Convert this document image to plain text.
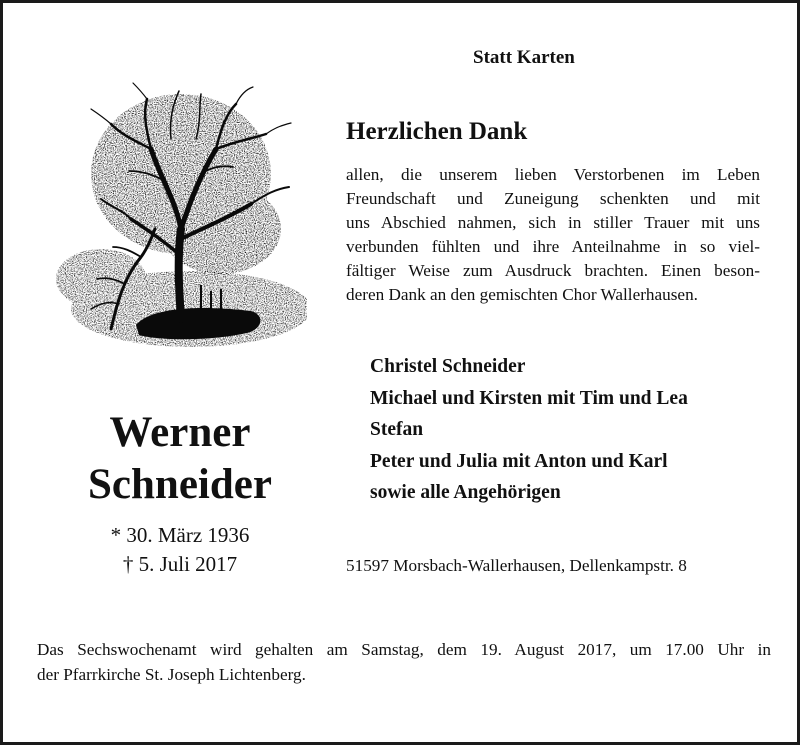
Statt Karten
Herzlichen Dank
allen, die unserem lieben Verstorbenen im Leben
Freundschaft und Zuneigung schenkten und mit
uns Abschied nahmen, sich in stiller Trauer mit uns
verbunden fühlten und ihre Anteilnahme in so viel-
fältiger Weise zum Ausdruck brachten. Einen beson-
deren Dank an den gemischten Chor Wallerhausen.
Christel Schneider
Michael und Kirsten mit Tim und Lea
Stefan
Peter und Julia mit Anton und Karl
sowie alle Angehörigen
Werner
Schneider
* 30. März 1936
† 5. Juli 2017	51597 Morsbach-Wallerhausen, Dellenkampstr. 8
Das Sechswochenamt wird gehalten am Samstag, dem 19. August 2017, um 17.00 Uhr in
der Pfarrkirche St. Joseph Lichtenberg.
